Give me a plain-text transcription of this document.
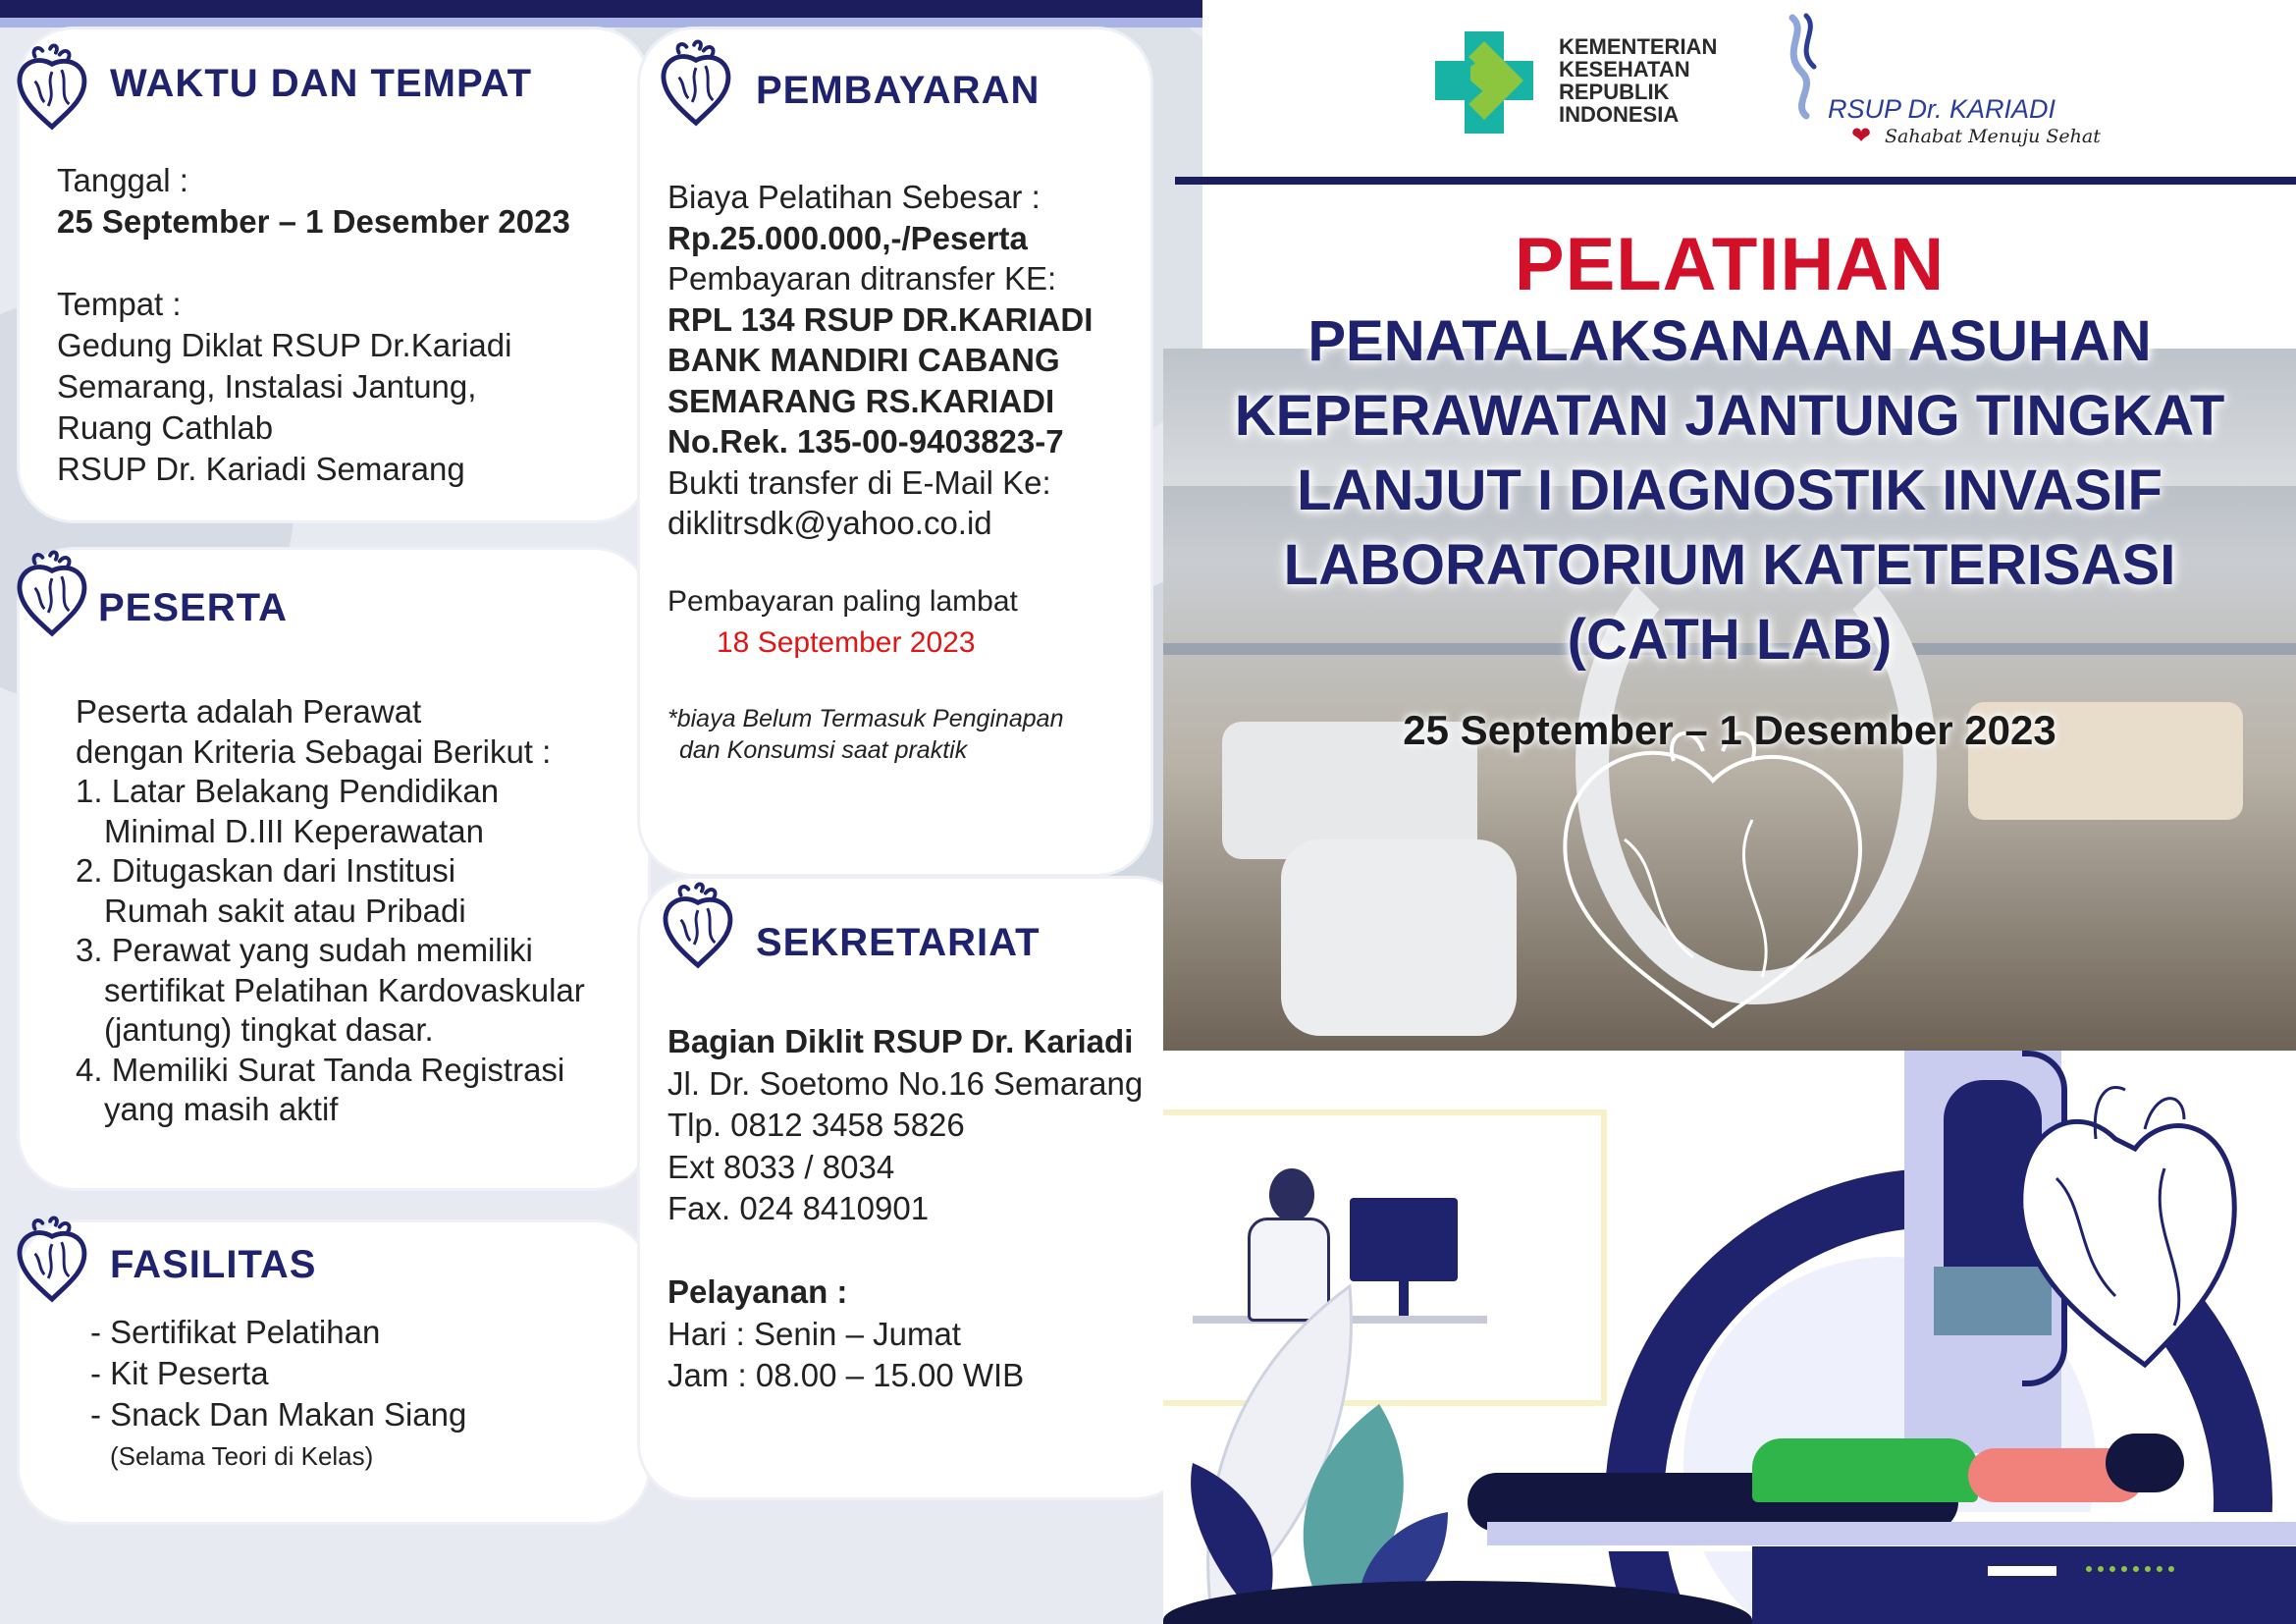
WAKTU DAN TEMPAT
Tanggal :
25 September – 1 Desember 2023

Tempat :
Gedung Diklat RSUP Dr.Kariadi
Semarang, Instalasi Jantung,
Ruang Cathlab
RSUP Dr. Kariadi Semarang
PESERTA
Peserta adalah Perawat
dengan Kriteria Sebagai Berikut :
1. Latar Belakang Pendidikan
Minimal D.III Keperawatan
2. Ditugaskan dari Institusi
Rumah sakit atau Pribadi
3. Perawat yang sudah memiliki
sertifikat Pelatihan Kardovaskular
(jantung) tingkat dasar.
4. Memiliki Surat Tanda Registrasi
yang masih aktif
FASILITAS
- Sertifikat Pelatihan
- Kit Peserta
- Snack Dan Makan Siang
(Selama Teori di Kelas)
PEMBAYARAN
Biaya Pelatihan Sebesar :
Rp.25.000.000,-/Peserta
Pembayaran ditransfer KE:
RPL 134 RSUP DR.KARIADI
BANK MANDIRI CABANG
SEMARANG RS.KARIADI
No.Rek. 135-00-9403823-7
Bukti transfer di E-Mail Ke:
diklitrsdk@yahoo.co.id
Pembayaran paling lambat
18 September 2023
*biaya Belum Termasuk Penginapan
dan Konsumsi saat praktik
SEKRETARIAT
Bagian Diklit RSUP Dr. Kariadi
Jl. Dr. Soetomo No.16 Semarang
Tlp. 0812 3458 5826
Ext 8033 / 8034
Fax. 024 8410901

Pelayanan :
Hari : Senin – Jumat
Jam : 08.00 – 15.00 WIB
KEMENTERIAN
KESEHATAN
REPUBLIK
INDONESIA	RSUP Dr. KARIADI
❤ Sahabat Menuju Sehat
PELATIHAN
PENATALAKSANAAN ASUHAN
KEPERAWATAN JANTUNG TINGKAT
LANJUT I DIAGNOSTIK INVASIF
LABORATORIUM KATETERISASI
(CATH LAB)
25 September – 1 Desember 2023
